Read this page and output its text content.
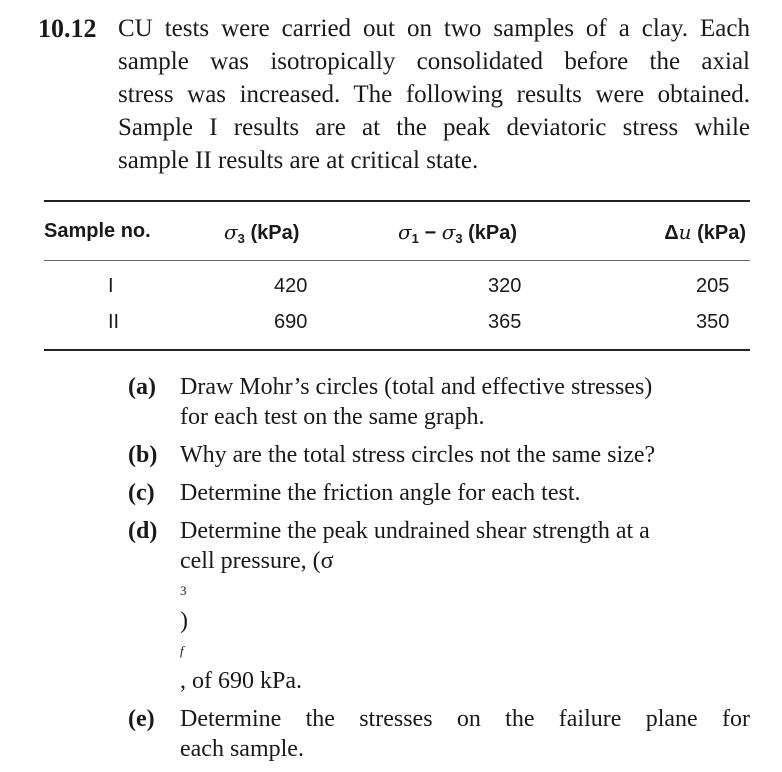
10.12 CU tests were carried out on two samples of a clay. Each
sample was isotropically consolidated before the axial
stress was increased. The following results were obtained.
Sample I results are at the peak deviatoric stress while
sample II results are at critical state.
Sample no.	$\sigma_3$ (kPa)	$\sigma_1 - \sigma_3$ (kPa)	Δu (kPa)
I	420	320	205
II	690	365	350
(a)	Draw Mohr’s circles (total and effective stresses)
for each test on the same graph.
(b) Why are the total stress circles not the same size?
(c)	Determine the friction angle for each test.
(d) Determine the peak undrained shear strength at a
cell pressure, (σ
3
)
f
, of 690 kPa.
(e)	Determine the stresses on the failure plane for
each sample.
